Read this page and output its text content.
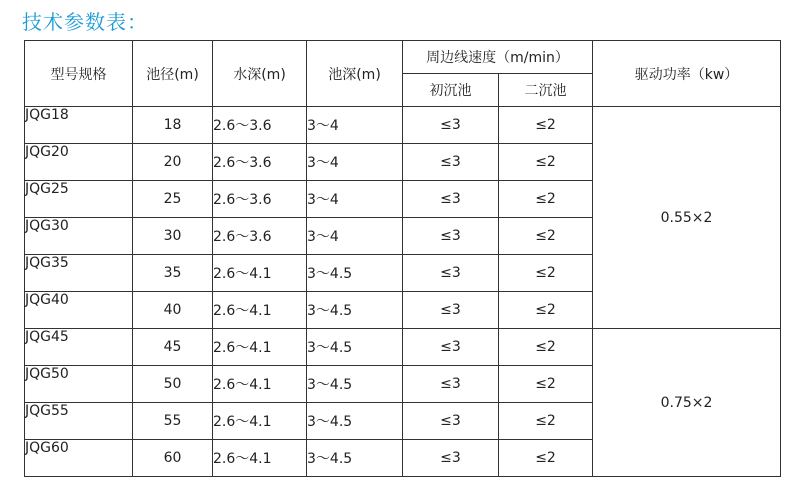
技术参数表：
型号规格	池径(m)	水深(m)	池深(m)	周边线速度（m/min）		驱动功率（kw）
				初沉池	二沉池	
JQG18	18	2.6～3.6	3～4	≤3	≤2	0.55×2
JQG20	20	2.6～3.6	3～4	≤3	≤2	
JQG25	25	2.6～3.6	3～4	≤3	≤2	
JQG30	30	2.6～3.6	3～4	≤3	≤2	
JQG35	35	2.6～4.1	3～4.5	≤3	≤2	
JQG40	40	2.6～4.1	3～4.5	≤3	≤2	
JQG45	45	2.6～4.1	3～4.5	≤3	≤2	0.75×2
JQG50	50	2.6～4.1	3～4.5	≤3	≤2	
JQG55	55	2.6～4.1	3～4.5	≤3	≤2	
JQG60	60	2.6～4.1	3～4.5	≤3	≤2	
